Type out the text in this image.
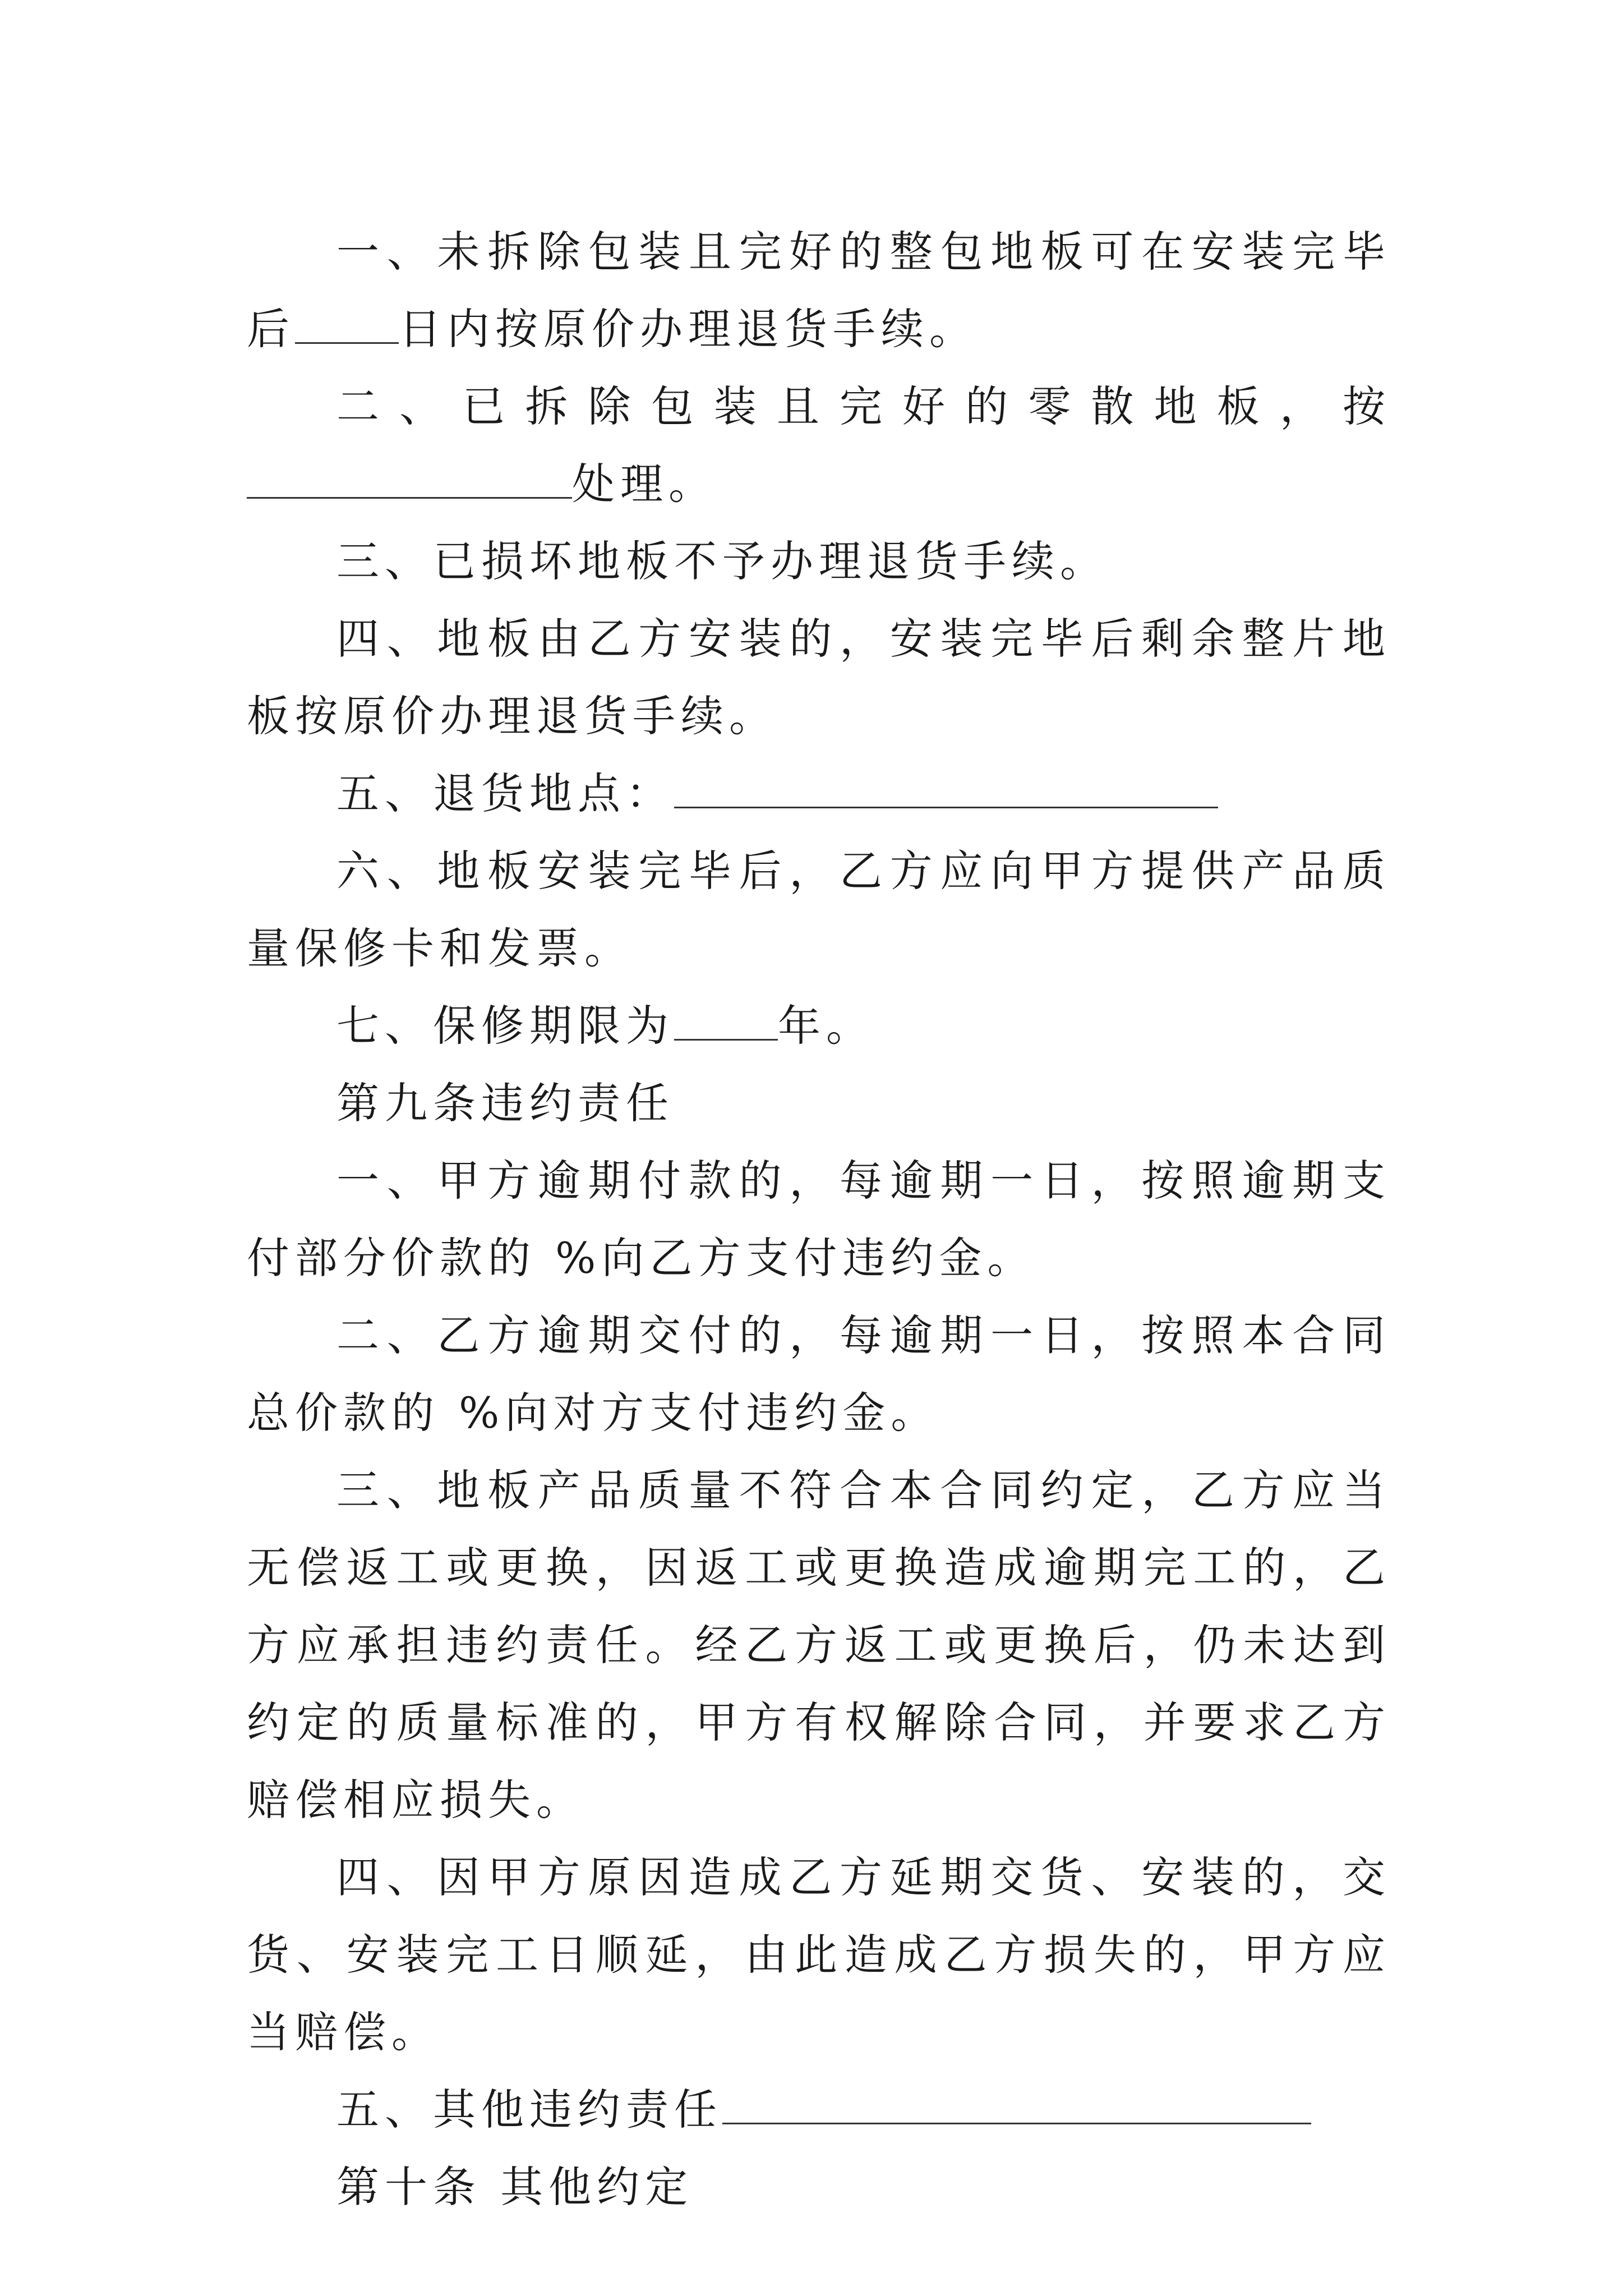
一、未拆除包装且完好的整包地板可在安装完毕后 日内按原价办理退货手续。

二、已拆除包装且完好的零散地板，按处理。

三、已损坏地板不予办理退货手续。

四、地板由乙方安装的，安装完毕后剩余整片地板按原价办理退货手续。

五、退货地点：

六、地板安装完毕后，乙方应向甲方提供产品质量保修卡和发票。

七、保修期限为 年。

第九条违约责任

一、甲方逾期付款的，每逾期一日，按照逾期支付部分价款的 %向乙方支付违约金。

二、乙方逾期交付的，每逾期一日，按照本合同总价款的 %向对方支付违约金。

三、地板产品质量不符合本合同约定，乙方应当无偿返工或更换，因返工或更换造成逾期完工的，乙方应承担违约责任。经乙方返工或更换后，仍未达到约定的质量标准的，甲方有权解除合同，并要求乙方赔偿相应损失。

四、因甲方原因造成乙方延期交货、安装的，交货、安装完工日顺延，由此造成乙方损失的，甲方应当赔偿。

五、其他违约责任

第十条 其他约定
